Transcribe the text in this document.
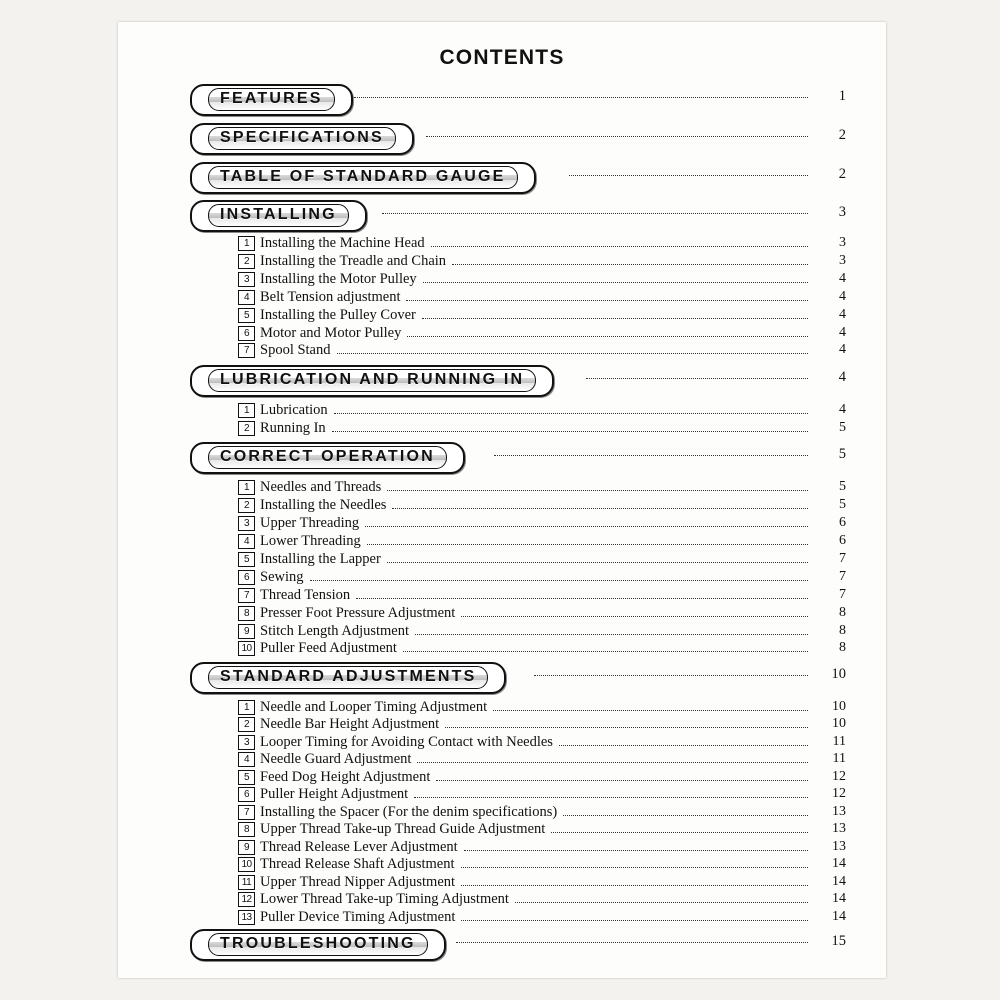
CONTENTS
FEATURES	1
SPECIFICATIONS	2
TABLE OF STANDARD GAUGE	2
INSTALLING	3
1 Installing the Machine Head	3
2 Installing the Treadle and Chain	3
3 Installing the Motor Pulley	4
4 Belt Tension adjustment	4
5 Installing the Pulley Cover	4
6 Motor and Motor Pulley	4
7 Spool Stand	4
LUBRICATION AND RUNNING IN	4
1 Lubrication	4
2 Running In	5
CORRECT OPERATION	5
1 Needles and Threads	5
2 Installing the Needles	5
3 Upper Threading	6
4 Lower Threading	6
5 Installing the Lapper	7
6 Sewing	7
7 Thread Tension	7
8 Presser Foot Pressure Adjustment	8
9 Stitch Length Adjustment	8
10 Puller Feed Adjustment	8
STANDARD ADJUSTMENTS	10
1 Needle and Looper Timing Adjustment	10
2 Needle Bar Height Adjustment	10
3 Looper Timing for Avoiding Contact with Needles	11
4 Needle Guard Adjustment	11
5 Feed Dog Height Adjustment	12
6 Puller Height Adjustment	12
7 Installing the Spacer (For the denim specifications)	13
8 Upper Thread Take-up Thread Guide Adjustment	13
9 Thread Release Lever Adjustment	13
10 Thread Release Shaft Adjustment	14
11 Upper Thread Nipper Adjustment	14
12 Lower Thread Take-up Timing Adjustment	14
13 Puller Device Timing Adjustment	14
TROUBLESHOOTING	15
